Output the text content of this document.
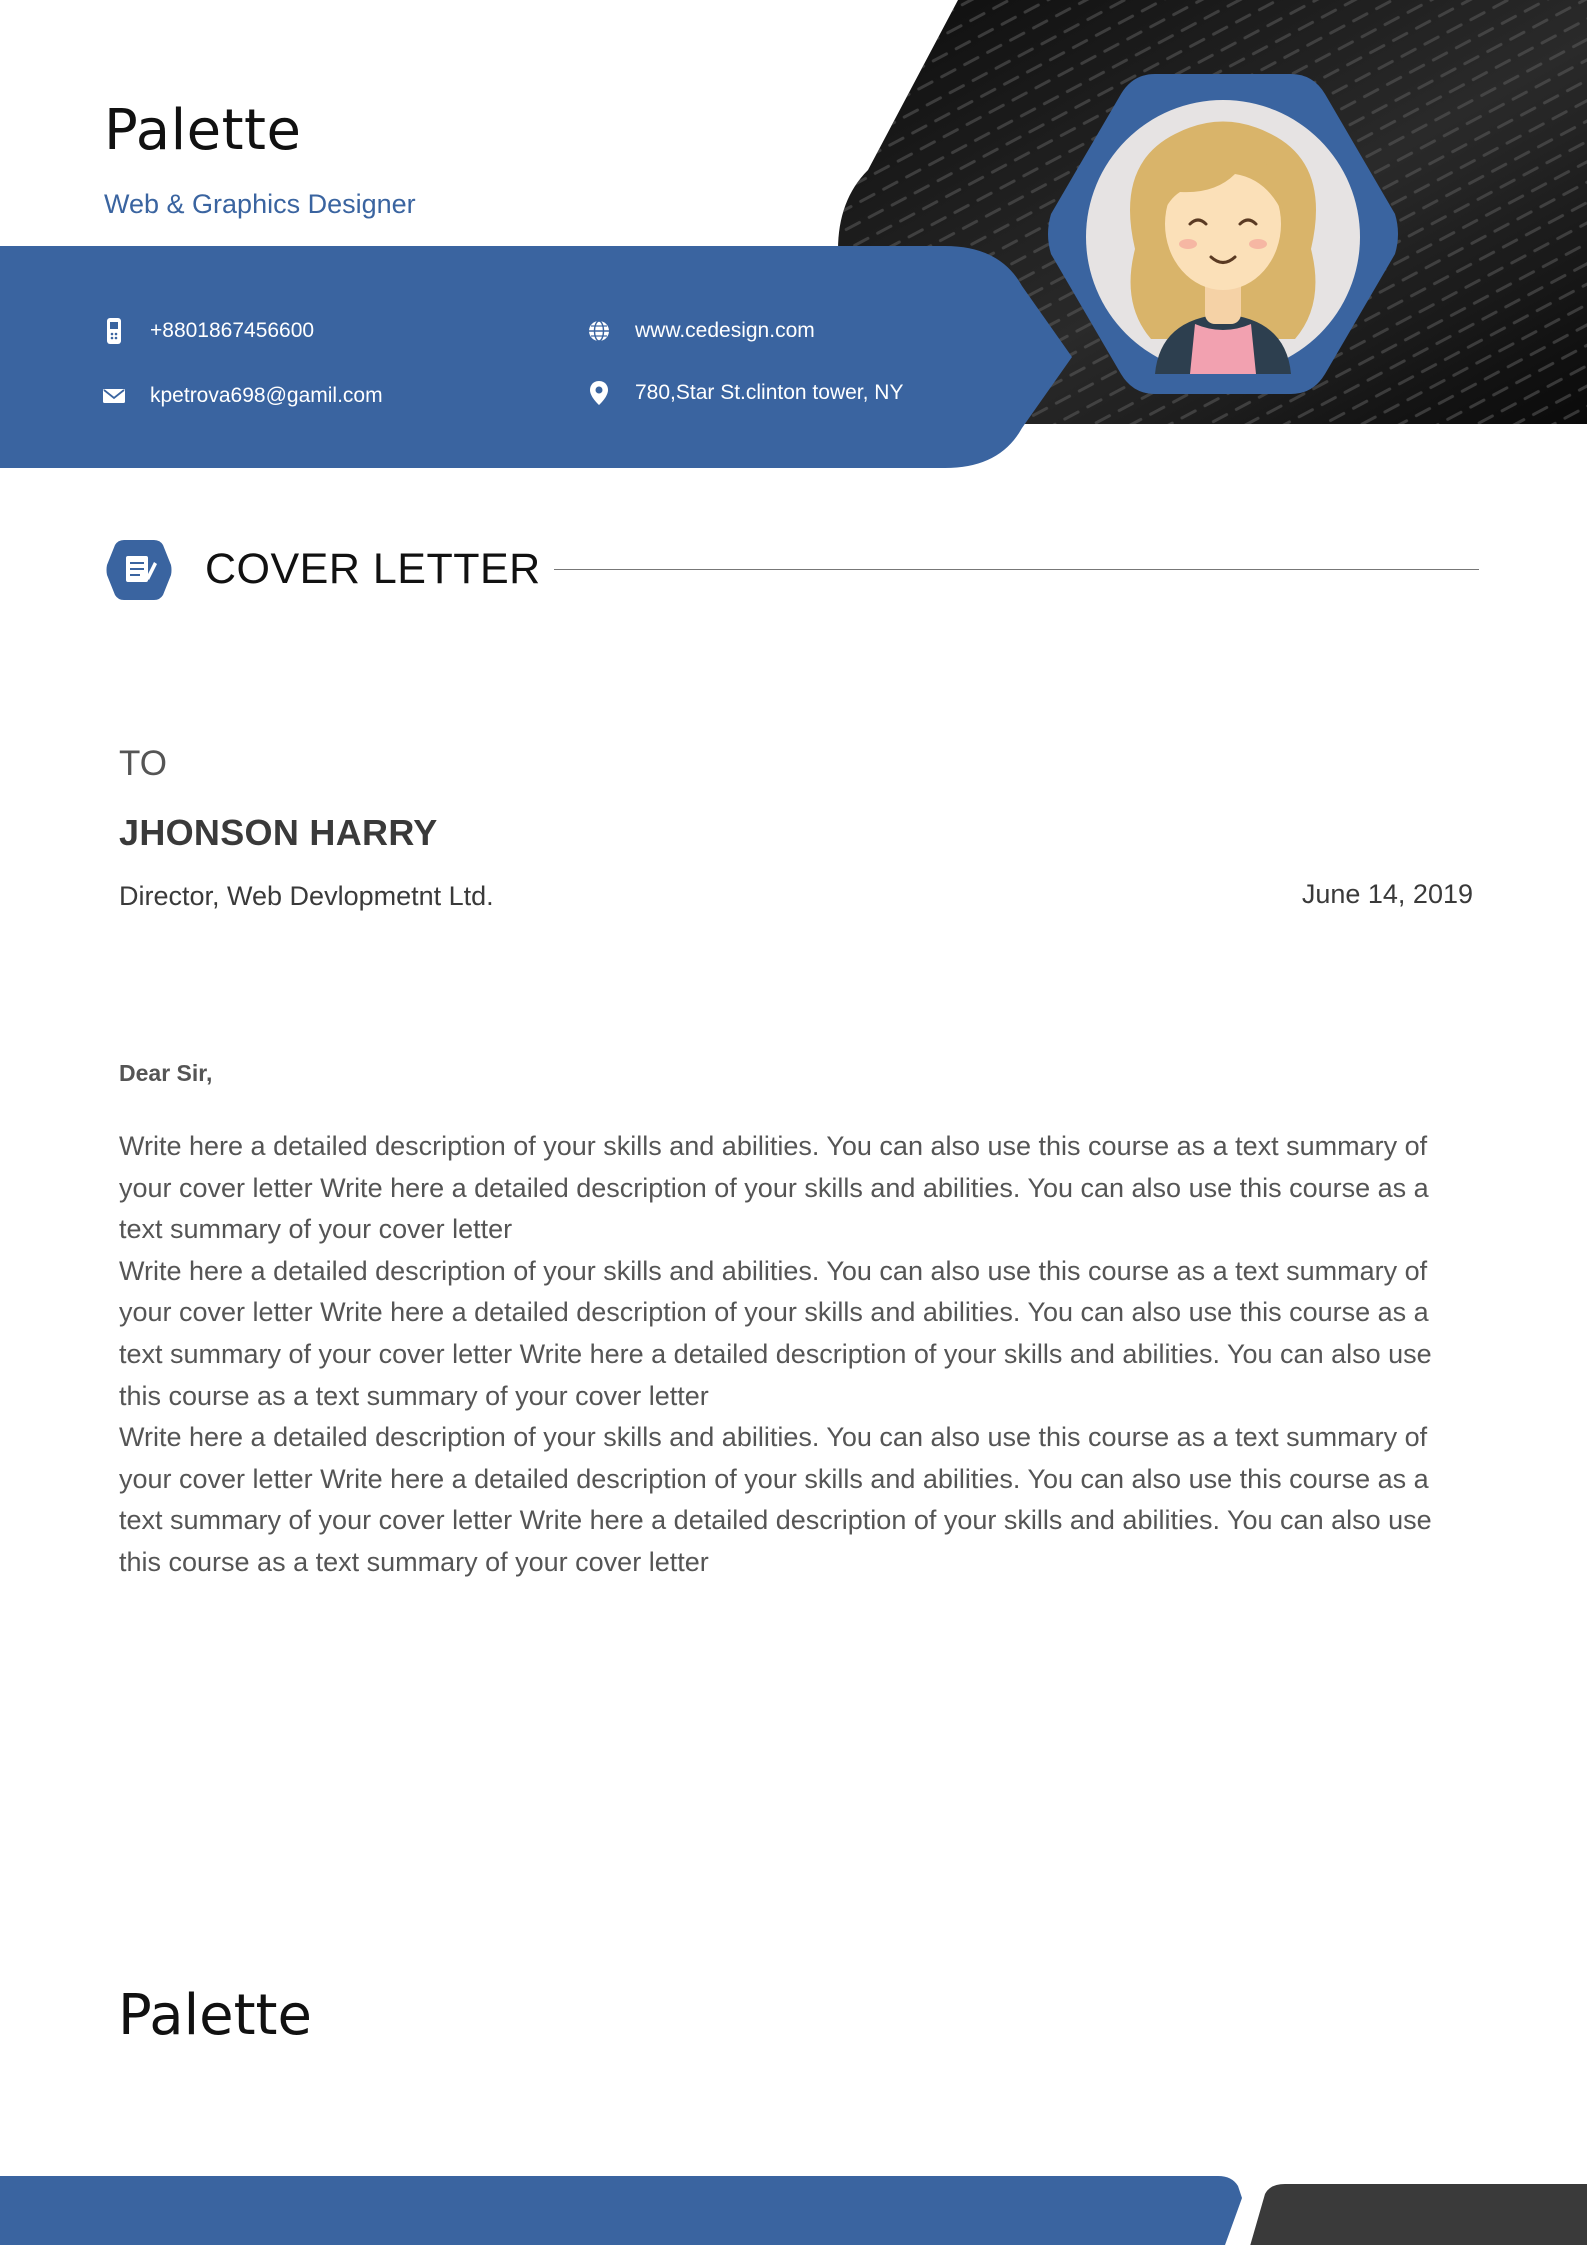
Palette
Web & Graphics Designer
+8801867456600
kpetrova698@gamil.com
www.cedesign.com
780,Star St.clinton tower, NY
COVER LETTER
TO
JHONSON HARRY
Director, Web Devlopmetnt Ltd.	June 14, 2019
Dear Sir,

Write here a detailed description of your skills and abilities. You can also use this course as a text summary of your cover letter Write here a detailed description of your skills and abilities. You can also use this course as a text summary of your cover letter

Write here a detailed description of your skills and abilities. You can also use this course as a text summary of your cover letter Write here a detailed description of your skills and abilities. You can also use this course as a text summary of your cover letter Write here a detailed description of your skills and abilities. You can also use this course as a text summary of your cover letter

Write here a detailed description of your skills and abilities. You can also use this course as a text summary of your cover letter Write here a detailed description of your skills and abilities. You can also use this course as a text summary of your cover letter Write here a detailed description of your skills and abilities. You can also use this course as a text summary of your cover letter

Palette
